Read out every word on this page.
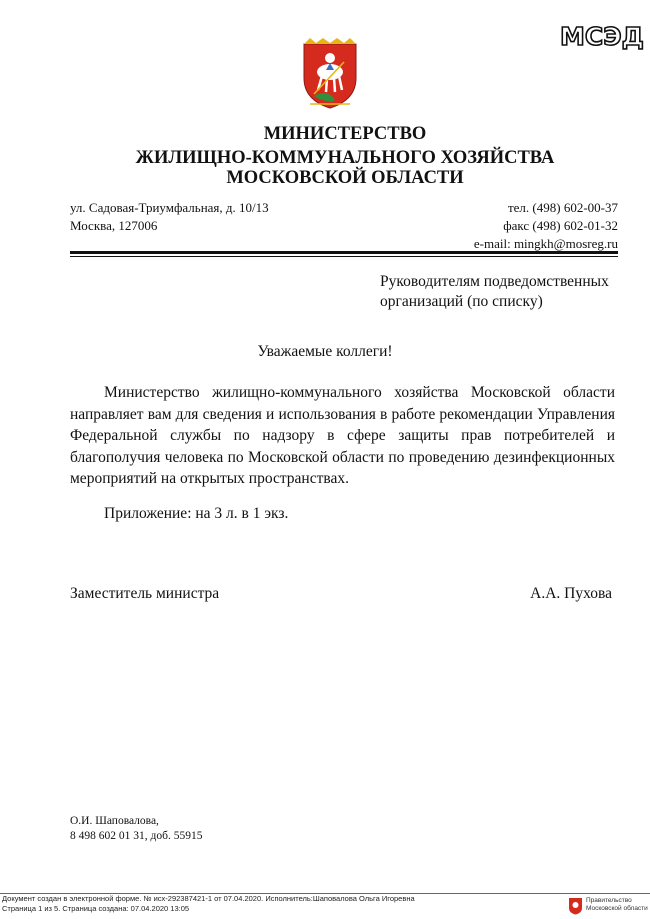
МСЭД
МИНИСТЕРСТВО
ЖИЛИЩНО-КОММУНАЛЬНОГО ХОЗЯЙСТВА
МОСКОВСКОЙ ОБЛАСТИ
ул. Садовая-Триумфальная, д. 10/13
Москва, 127006
тел. (498) 602-00-37
факс (498) 602-01-32
e-mail: mingkh@mosreg.ru
Руководителям подведомственных
организаций (по списку)
Уважаемые коллеги!
Министерство жилищно-коммунального хозяйства Московской области направляет вам для сведения и использования в работе рекомендации Управления Федеральной службы по надзору в сфере защиты прав потребителей и благополучия человека по Московской области по проведению дезинфекционных мероприятий на открытых пространствах.
Приложение: на 3 л. в 1 экз.
Заместитель министра	А.А. Пухова
О.И. Шаповалова,
8 498 602 01 31, доб. 55915
Документ создан в электронной форме. № исх-292387421-1 от 07.04.2020. Исполнитель:Шаповалова Ольга Игоревна
Страница 1 из 5. Страница создана: 07.04.2020 13:05
Правительство
Московской области
